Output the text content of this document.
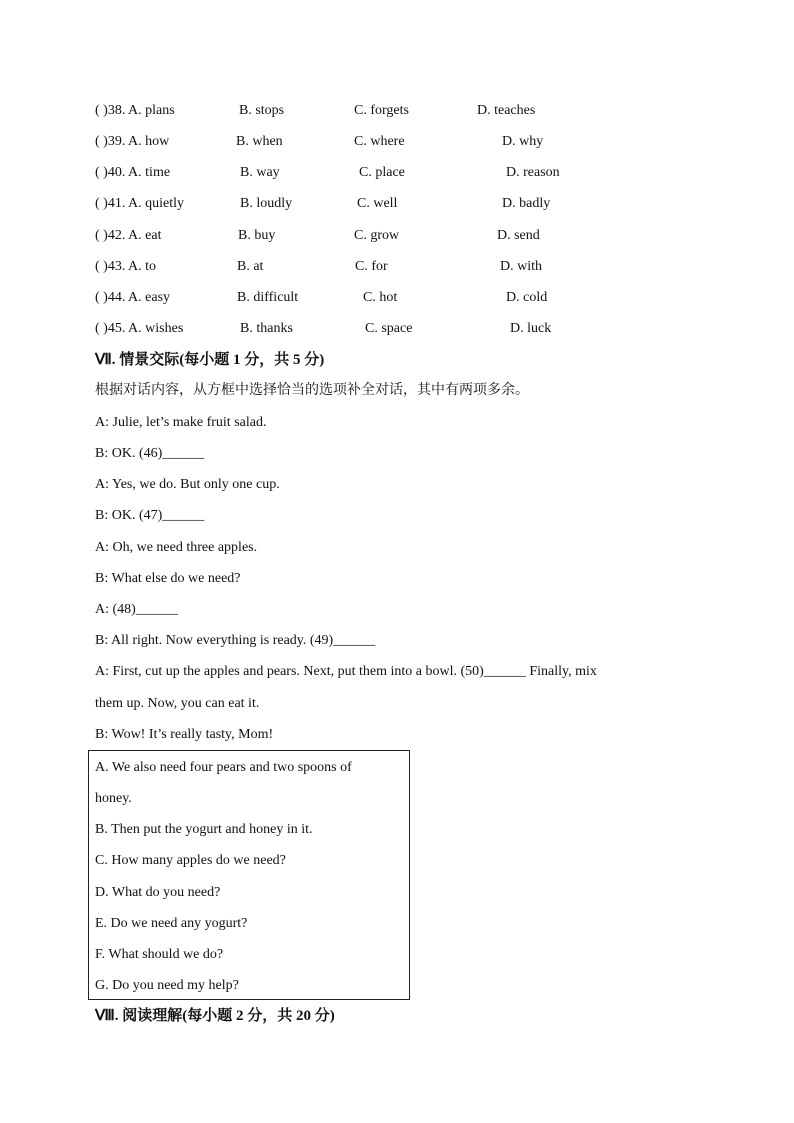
( )38. A. plans	B. stops	C. forgets	D. teaches
( )39. A. how	B. when	C. where	D. why
( )40. A. time	B. way	C. place	D. reason
( )41. A. quietly	B. loudly	C. well	D. badly
( )42. A. eat	B. buy	C. grow	D. send
( )43. A. to	B. at	C. for	D. with
( )44. A. easy	B. difficult	C. hot	D. cold
( )45. A. wishes	B. thanks	C. space	D. luck
Ⅶ. 情景交际(每小题 1 分，共 5 分)
根据对话内容，从方框中选择恰当的选项补全对话，其中有两项多余。
A: Julie, let’s make fruit salad.
B: OK. (46)______
A: Yes, we do. But only one cup.
B: OK. (47)______
A: Oh, we need three apples.
B: What else do we need?
A: (48)______
B: All right. Now everything is ready. (49)______
A: First, cut up the apples and pears. Next, put them into a bowl. (50)______ Finally, mix
them up. Now, you can eat it.
B: Wow! It’s really tasty, Mom!
A. We also need four pears and two spoons of
honey.
B. Then put the yogurt and honey in it.
C. How many apples do we need?
D. What do you need?
E. Do we need any yogurt?
F. What should we do?
G. Do you need my help?
Ⅷ. 阅读理解(每小题 2 分，共 20 分)
